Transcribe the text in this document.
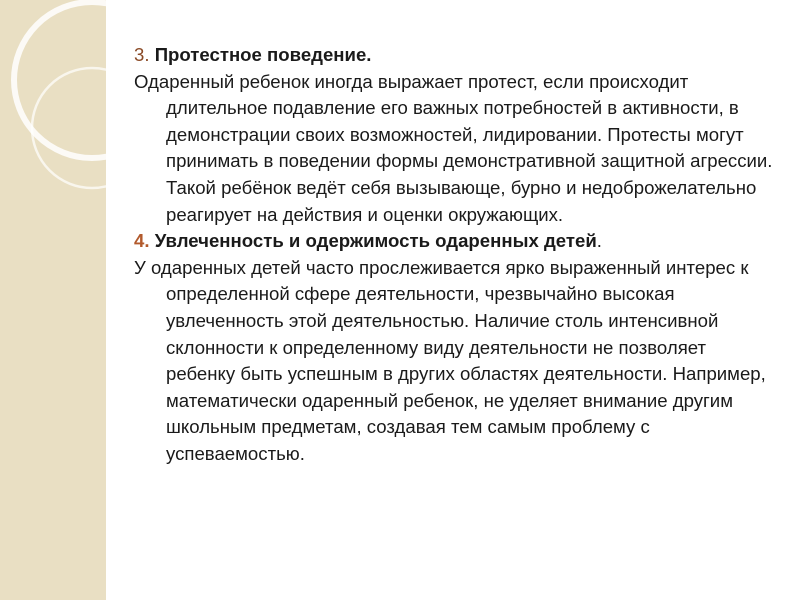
3. Протестное поведение.

Одаренный ребенок иногда выражает протест, если происходит длительное подавление его важных потребностей в активности, в демонстрации своих возможностей, лидировании. Протесты могут принимать в поведении формы демонстративной защитной агрессии. Такой ребёнок ведёт себя вызывающе, бурно и недоброжелательно реагирует на действия и оценки окружающих.

4. Увлеченность и одержимость одаренных детей.

У одаренных детей часто прослеживается ярко выраженный интерес к определенной сфере деятельности, чрезвычайно высокая увлеченность этой деятельностью. Наличие столь интенсивной склонности к определенному виду деятельности не позволяет ребенку быть успешным в других областях деятельности. Например, математически одаренный ребенок, не уделяет внимание другим школьным предметам, создавая тем самым проблему с успеваемостью.
